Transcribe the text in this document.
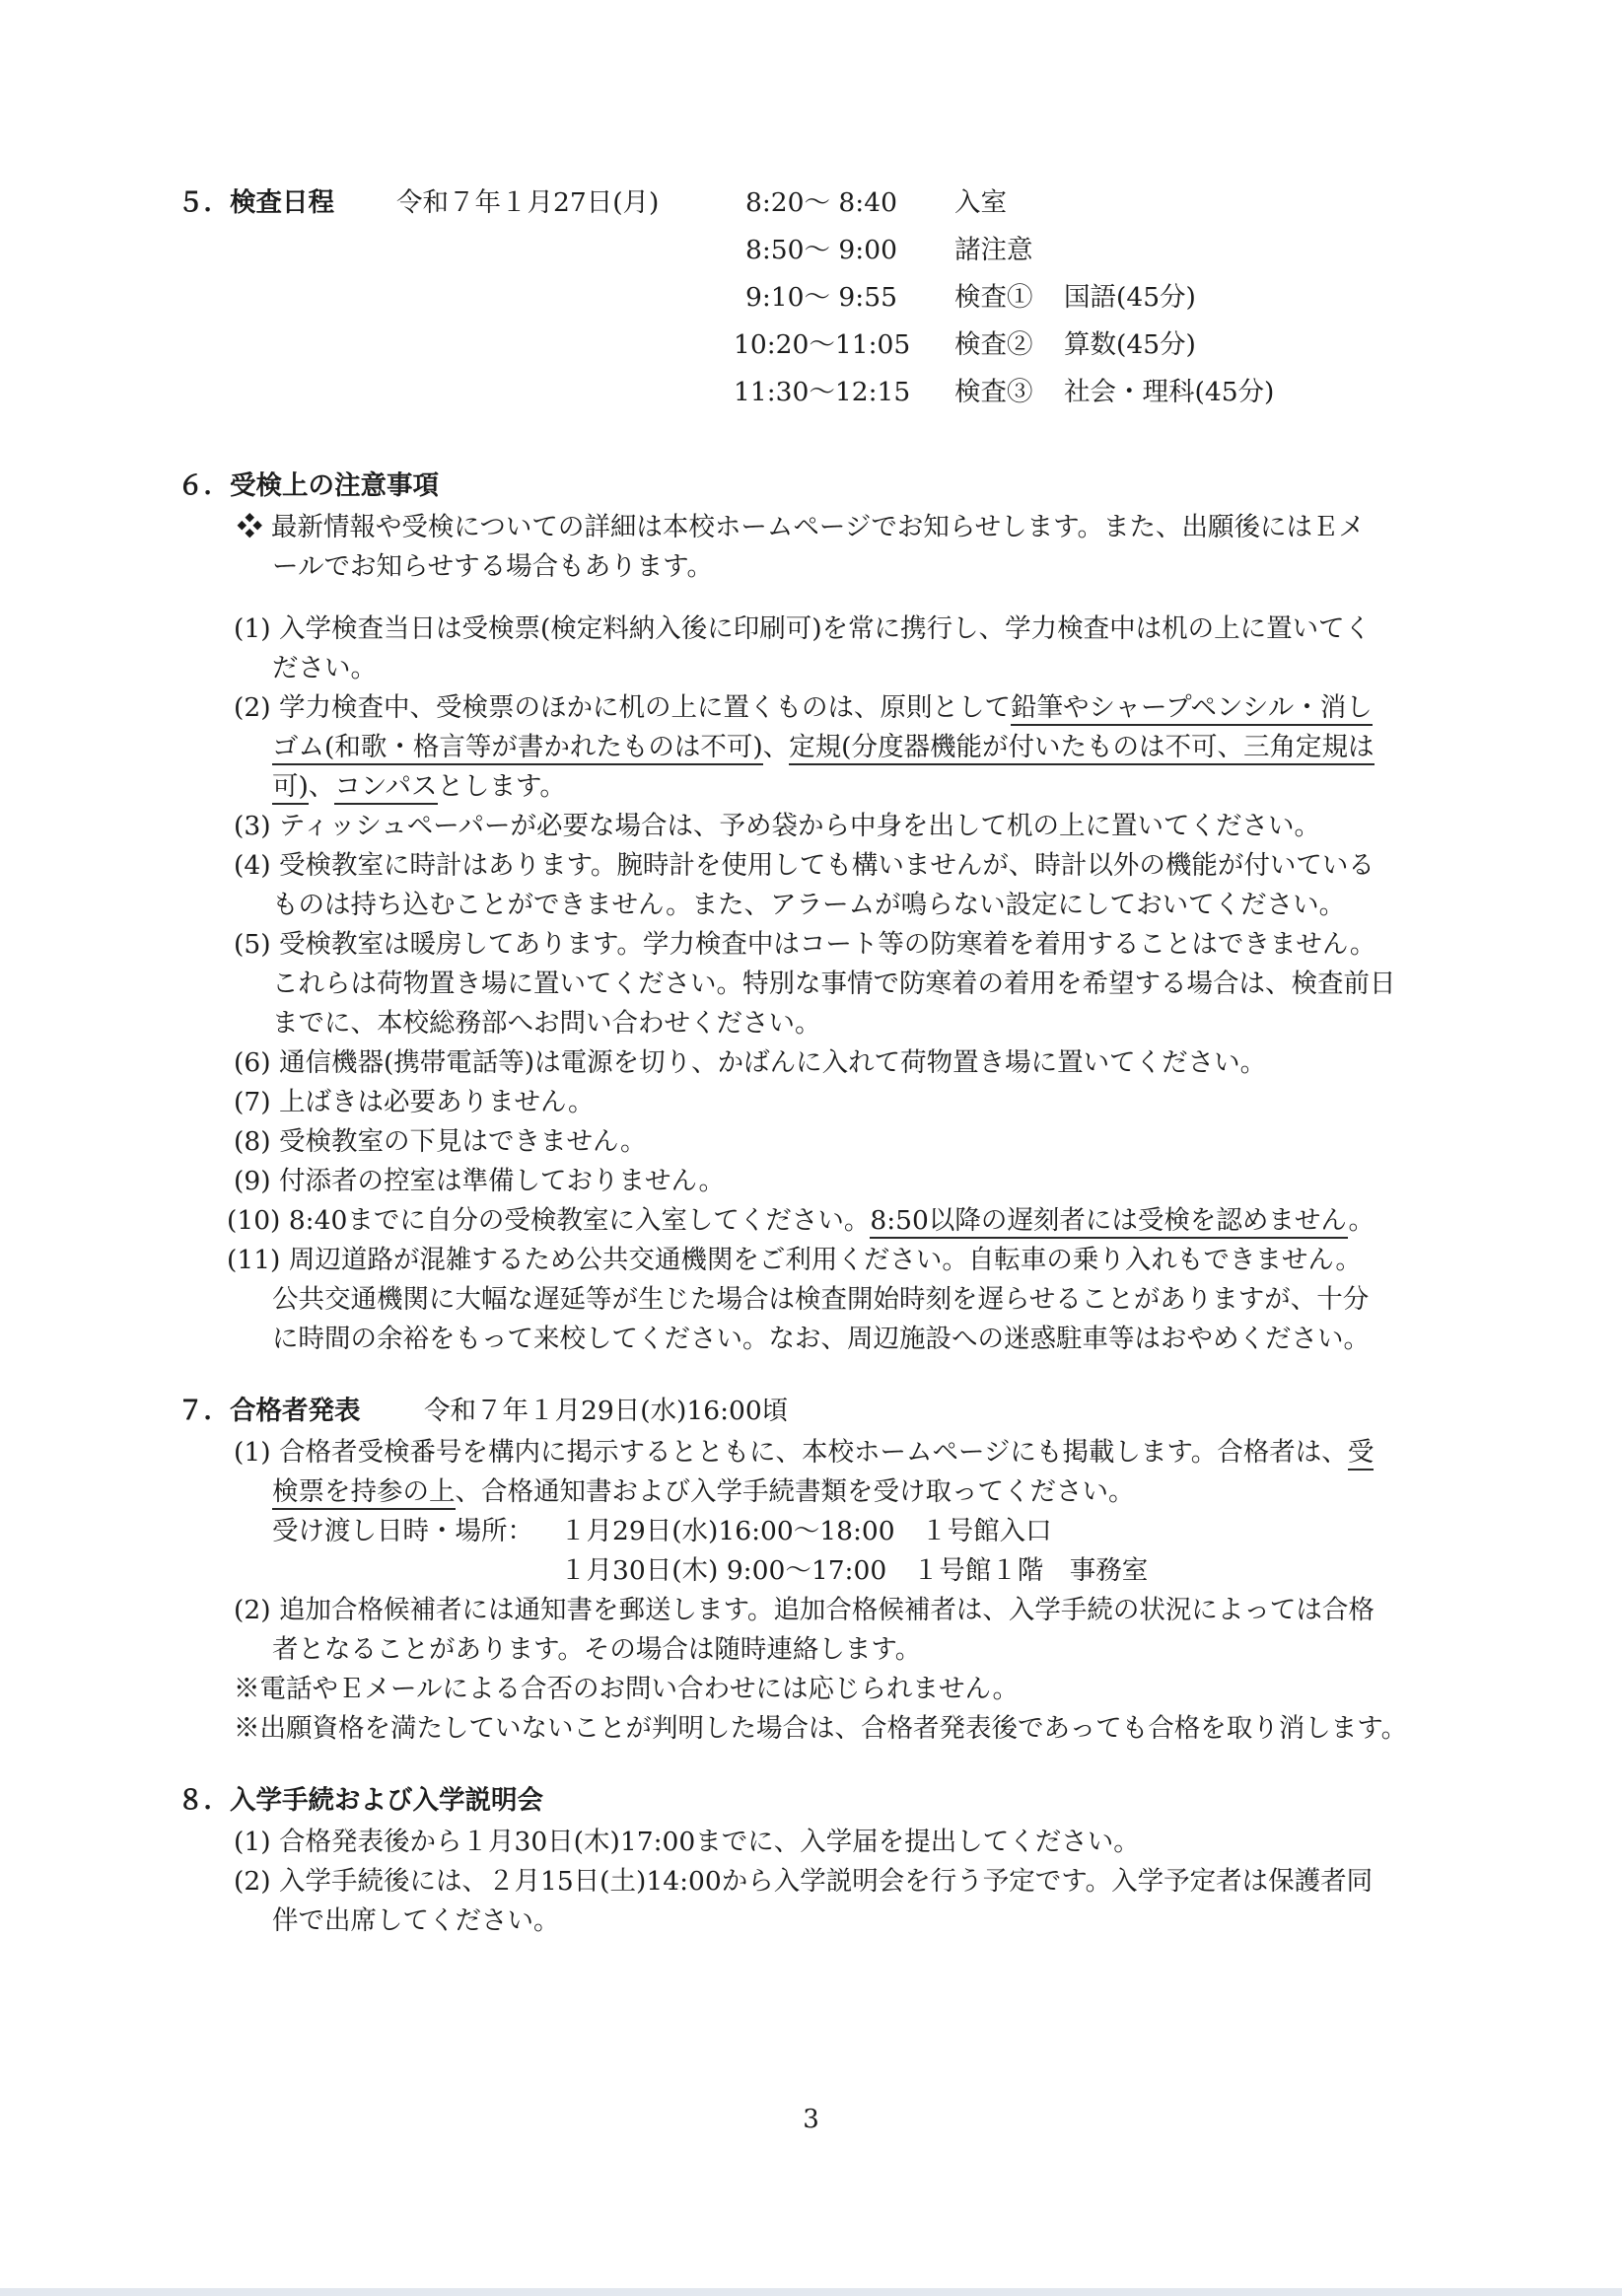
５．検査日程 令和７年１月27日(月)	8:20～ 8:40 入室
8:50～ 9:00 諸注意
9:10～ 9:55 検査① 国語(45分)
10:20～11:05 検査② 算数(45分)
11:30～12:15 検査③ 社会・理科(45分)
６．受検上の注意事項
❖ 最新情報や受検についての詳細は本校ホームページでお知らせします。また、出願後にはＥメ
ールでお知らせする場合もあります。
(1) 入学検査当日は受検票(検定料納入後に印刷可)を常に携行し、学力検査中は机の上に置いてく
ださい。
(2) 学力検査中、受検票のほかに机の上に置くものは、原則として鉛筆やシャープペンシル・消し
ゴム(和歌・格言等が書かれたものは不可)、定規(分度器機能が付いたものは不可、三角定規は
可)、コンパスとします。
(3) ティッシュペーパーが必要な場合は、予め袋から中身を出して机の上に置いてください。
(4) 受検教室に時計はあります。腕時計を使用しても構いませんが、時計以外の機能が付いている
ものは持ち込むことができません。また、アラームが鳴らない設定にしておいてください。
(5) 受検教室は暖房してあります。学力検査中はコート等の防寒着を着用することはできません。
これらは荷物置き場に置いてください。特別な事情で防寒着の着用を希望する場合は、検査前日
までに、本校総務部へお問い合わせください。
(6) 通信機器(携帯電話等)は電源を切り、かばんに入れて荷物置き場に置いてください。
(7) 上ばきは必要ありません。
(8) 受検教室の下見はできません。
(9) 付添者の控室は準備しておりません。
(10) 8:40までに自分の受検教室に入室してください。8:50以降の遅刻者には受検を認めません。
(11) 周辺道路が混雑するため公共交通機関をご利用ください。自転車の乗り入れもできません。
公共交通機関に大幅な遅延等が生じた場合は検査開始時刻を遅らせることがありますが、十分
に時間の余裕をもって来校してください。なお、周辺施設への迷惑駐車等はおやめください。
７．合格者発表 令和７年１月29日(水)16:00頃
(1) 合格者受検番号を構内に掲示するとともに、本校ホームページにも掲載します。合格者は、受
検票を持参の上、合格通知書および入学手続書類を受け取ってください。
受け渡し日時・場所： １月29日(水)16:00～18:00　１号館入口
１月30日(木) 9:00～17:00　１号館１階　事務室
(2) 追加合格候補者には通知書を郵送します。追加合格候補者は、入学手続の状況によっては合格
者となることがあります。その場合は随時連絡します。
※電話やＥメールによる合否のお問い合わせには応じられません。
※出願資格を満たしていないことが判明した場合は、合格者発表後であっても合格を取り消します。
８．入学手続および入学説明会
(1) 合格発表後から１月30日(木)17:00までに、入学届を提出してください。
(2) 入学手続後には、２月15日(土)14:00から入学説明会を行う予定です。入学予定者は保護者同
伴で出席してください。
3
